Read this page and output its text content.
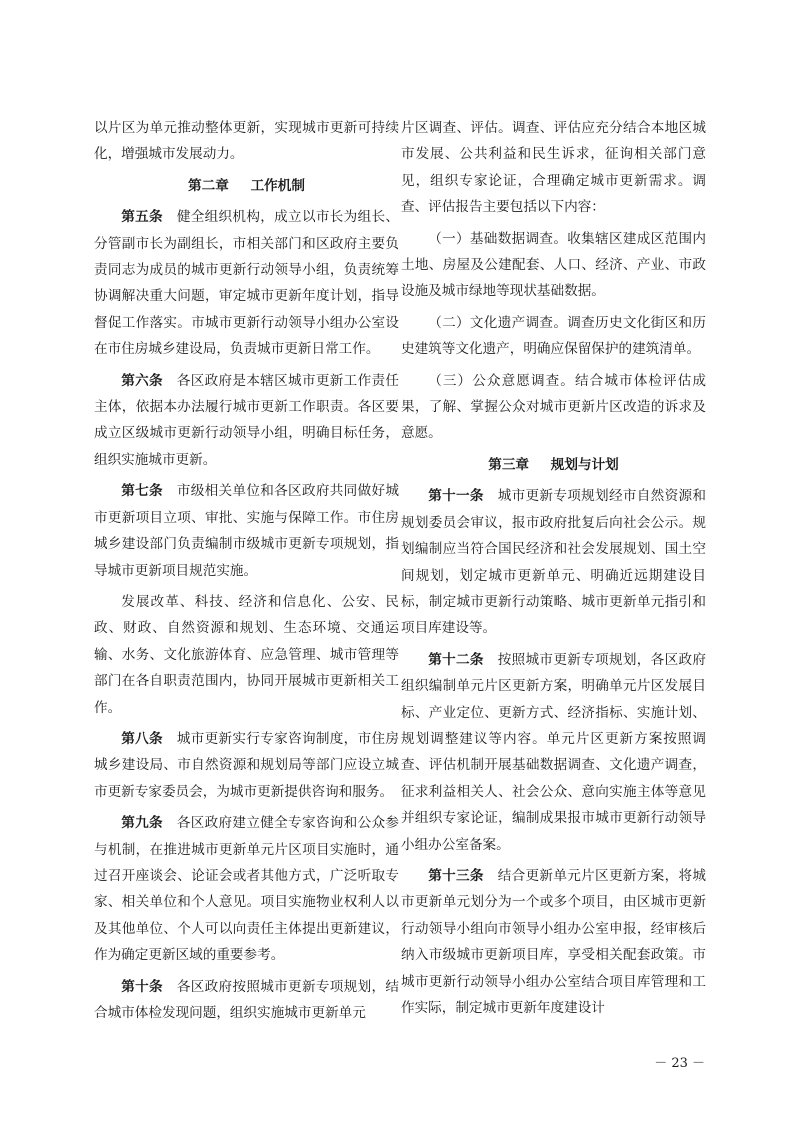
以片区为单元推动整体更新，实现城市更新可持续化，增强城市发展动力。

第二章 工作机制

第五条  健全组织机构，成立以市长为组长、分管副市长为副组长，市相关部门和区政府主要负责同志为成员的城市更新行动领导小组，负责统筹协调解决重大问题，审定城市更新年度计划，指导督促工作落实。市城市更新行动领导小组办公室设在市住房城乡建设局，负责城市更新日常工作。

第六条  各区政府是本辖区城市更新工作责任主体，依据本办法履行城市更新工作职责。各区要成立区级城市更新行动领导小组，明确目标任务，组织实施城市更新。

第七条  市级相关单位和各区政府共同做好城市更新项目立项、审批、实施与保障工作。市住房城乡建设部门负责编制市级城市更新专项规划，指导城市更新项目规范实施。

发展改革、科技、经济和信息化、公安、民政、财政、自然资源和规划、生态环境、交通运输、水务、文化旅游体育、应急管理、城市管理等部门在各自职责范围内，协同开展城市更新相关工作。

第八条  城市更新实行专家咨询制度，市住房城乡建设局、市自然资源和规划局等部门应设立城市更新专家委员会，为城市更新提供咨询和服务。

第九条  各区政府建立健全专家咨询和公众参与机制，在推进城市更新单元片区项目实施时，通过召开座谈会、论证会或者其他方式，广泛听取专家、相关单位和个人意见。项目实施物业权利人以及其他单位、个人可以向责任主体提出更新建议，作为确定更新区域的重要参考。

第十条  各区政府按照城市更新专项规划，结合城市体检发现问题，组织实施城市更新单元

片区调查、评估。调查、评估应充分结合本地区城市发展、公共利益和民生诉求，征询相关部门意见，组织专家论证，合理确定城市更新需求。调查、评估报告主要包括以下内容：

（一）基础数据调查。收集辖区建成区范围内土地、房屋及公建配套、人口、经济、产业、市政设施及城市绿地等现状基础数据。

（二）文化遗产调查。调查历史文化街区和历史建筑等文化遗产，明确应保留保护的建筑清单。

（三）公众意愿调查。结合城市体检评估成果，了解、掌握公众对城市更新片区改造的诉求及意愿。

第三章 规划与计划

第十一条  城市更新专项规划经市自然资源和规划委员会审议，报市政府批复后向社会公示。规划编制应当符合国民经济和社会发展规划、国土空间规划，划定城市更新单元、明确近远期建设目标，制定城市更新行动策略、城市更新单元指引和项目库建设等。

第十二条  按照城市更新专项规划，各区政府组织编制单元片区更新方案，明确单元片区发展目标、产业定位、更新方式、经济指标、实施计划、规划调整建议等内容。单元片区更新方案按照调查、评估机制开展基础数据调查、文化遗产调查，征求利益相关人、社会公众、意向实施主体等意见并组织专家论证，编制成果报市城市更新行动领导小组办公室备案。

第十三条  结合更新单元片区更新方案，将城市更新单元划分为一个或多个项目，由区城市更新行动领导小组向市领导小组办公室申报，经审核后纳入市级城市更新项目库，享受相关配套政策。市城市更新行动领导小组办公室结合项目库管理和工作实际，制定城市更新年度建设计

－ 23 －
